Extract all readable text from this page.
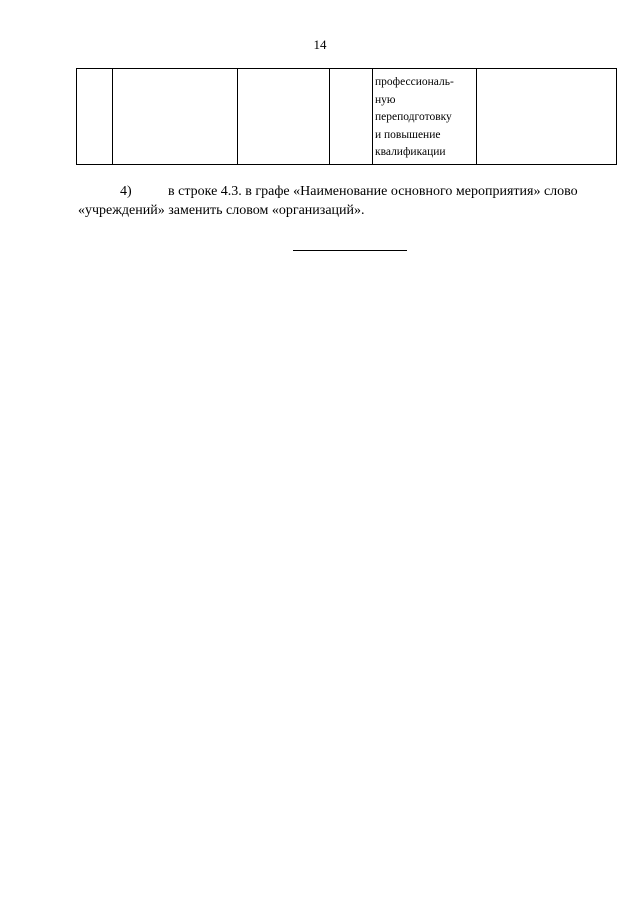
14

профессиональ-
ную
переподготовку
и повышение
квалификации

4)	в строке 4.3. в графе «Наименование основного мероприятия» слово
«учреждений» заменить словом «организаций».
